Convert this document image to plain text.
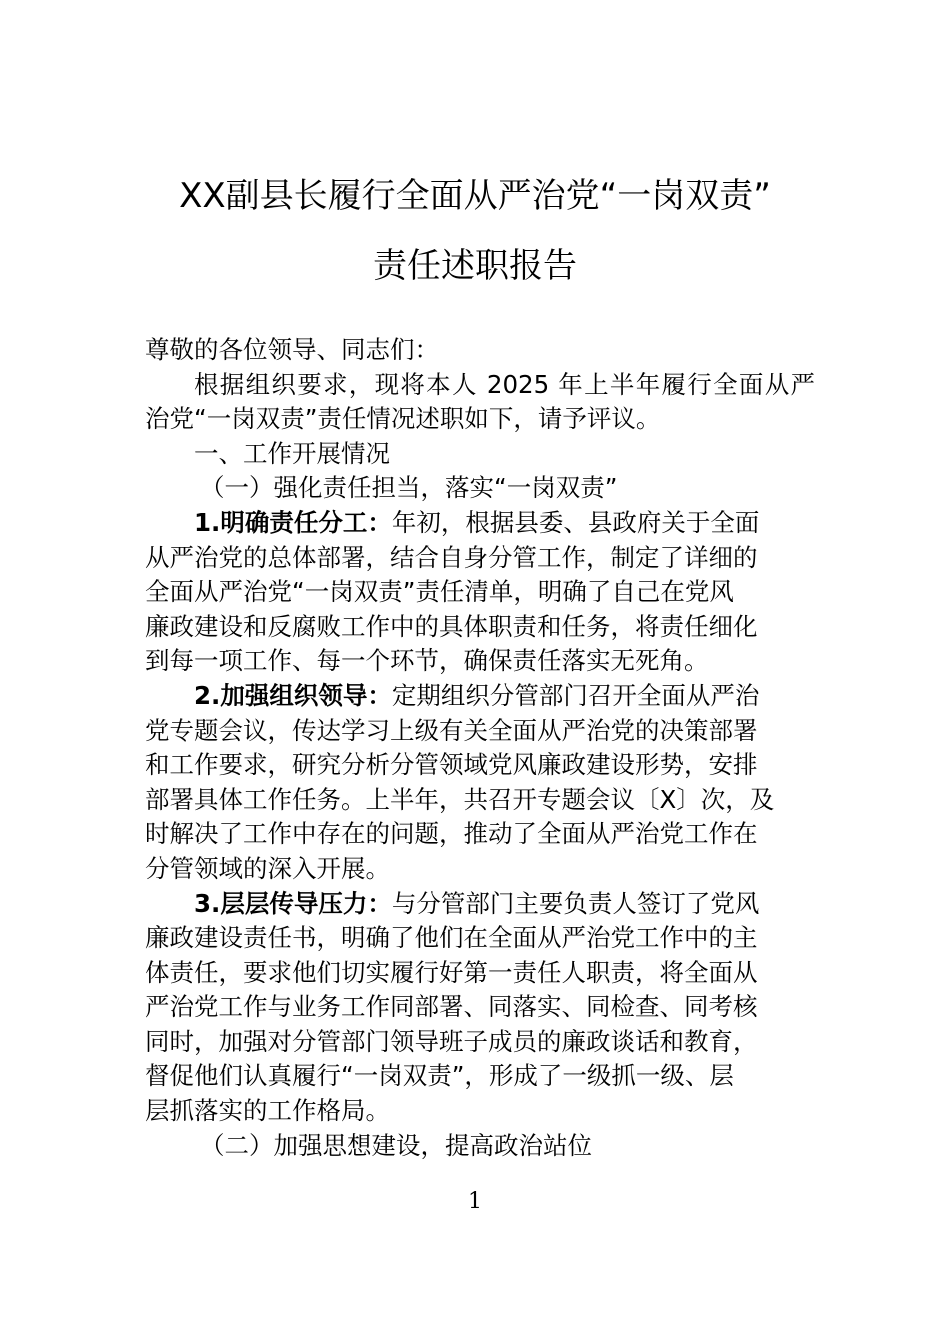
XX副县长履行全面从严治党“一岗双责”
责任述职报告
尊敬的各位领导、同志们：
根据组织要求，现将本人 2025 年上半年履行全面从严
治党“一岗双责”责任情况述职如下，请予评议。
一、工作开展情况
（一）强化责任担当，落实“一岗双责”
1.明确责任分工：年初，根据县委、县政府关于全面
从严治党的总体部署，结合自身分管工作，制定了详细的
全面从严治党“一岗双责”责任清单，明确了自己在党风
廉政建设和反腐败工作中的具体职责和任务，将责任细化
到每一项工作、每一个环节，确保责任落实无死角。
2.加强组织领导：定期组织分管部门召开全面从严治
党专题会议，传达学习上级有关全面从严治党的决策部署
和工作要求，研究分析分管领域党风廉政建设形势，安排
部署具体工作任务。上半年，共召开专题会议〔X〕次，及
时解决了工作中存在的问题，推动了全面从严治党工作在
分管领域的深入开展。
3.层层传导压力：与分管部门主要负责人签订了党风
廉政建设责任书，明确了他们在全面从严治党工作中的主
体责任，要求他们切实履行好第一责任人职责，将全面从
严治党工作与业务工作同部署、同落实、同检查、同考核
同时，加强对分管部门领导班子成员的廉政谈话和教育，
督促他们认真履行“一岗双责”，形成了一级抓一级、层
层抓落实的工作格局。
（二）加强思想建设，提高政治站位
1
